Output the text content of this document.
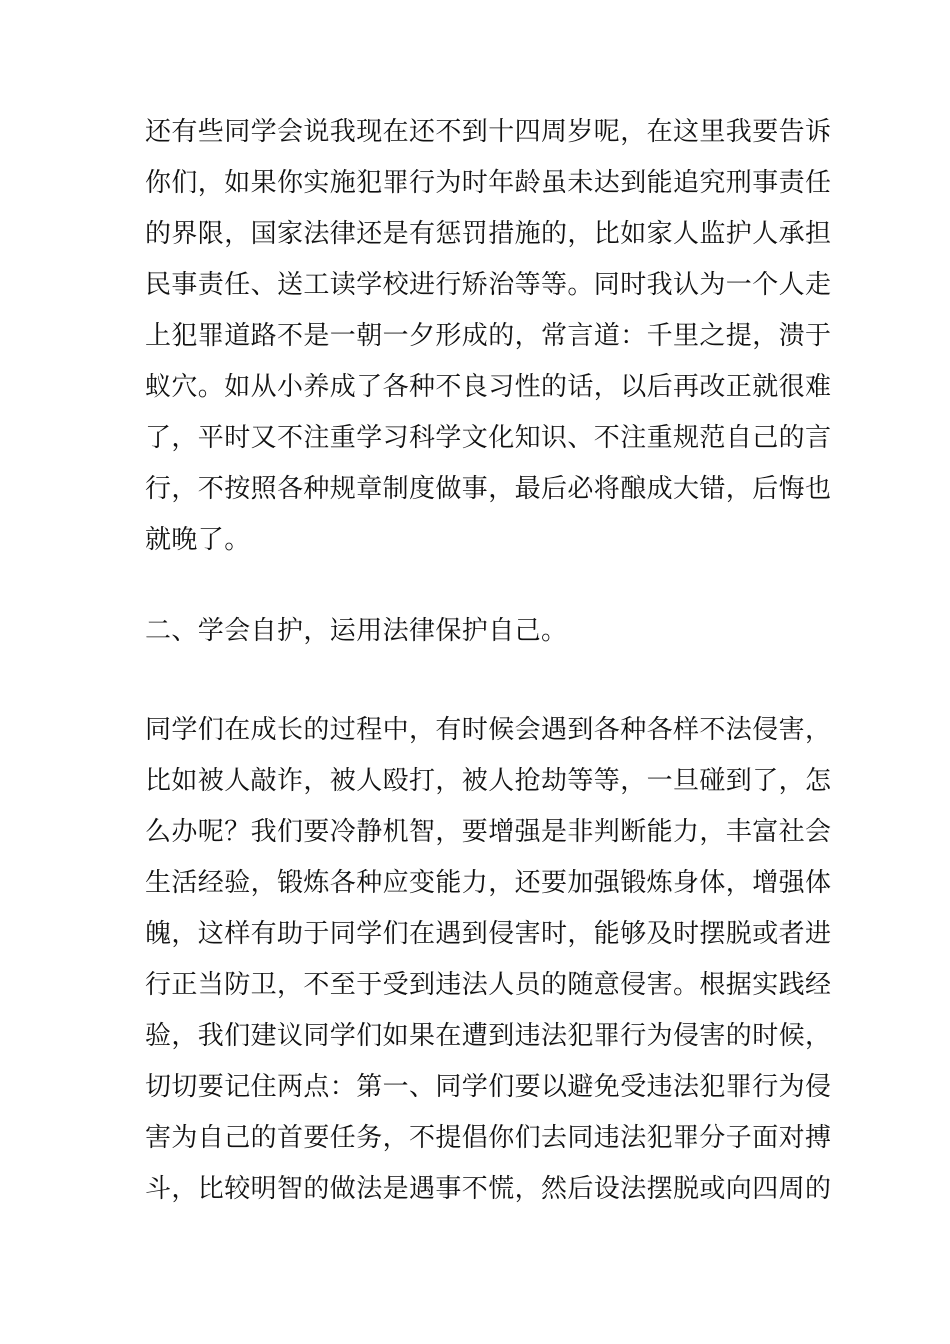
还有些同学会说我现在还不到十四周岁呢，在这里我要告诉
你们，如果你实施犯罪行为时年龄虽未达到能追究刑事责任
的界限，国家法律还是有惩罚措施的，比如家人监护人承担
民事责任、送工读学校进行矫治等等。同时我认为一个人走
上犯罪道路不是一朝一夕形成的，常言道：千里之提，溃于
蚁穴。如从小养成了各种不良习性的话，以后再改正就很难
了，平时又不注重学习科学文化知识、不注重规范自己的言
行，不按照各种规章制度做事，最后必将酿成大错，后悔也
就晚了。
二、学会自护，运用法律保护自己。
同学们在成长的过程中，有时候会遇到各种各样不法侵害，
比如被人敲诈，被人殴打，被人抢劫等等，一旦碰到了，怎
么办呢？我们要冷静机智，要增强是非判断能力，丰富社会
生活经验，锻炼各种应变能力，还要加强锻炼身体，增强体
魄，这样有助于同学们在遇到侵害时，能够及时摆脱或者进
行正当防卫，不至于受到违法人员的随意侵害。根据实践经
验，我们建议同学们如果在遭到违法犯罪行为侵害的时候，
切切要记住两点：第一、同学们要以避免受违法犯罪行为侵
害为自己的首要任务，不提倡你们去同违法犯罪分子面对搏
斗，比较明智的做法是遇事不慌，然后设法摆脱或向四周的
